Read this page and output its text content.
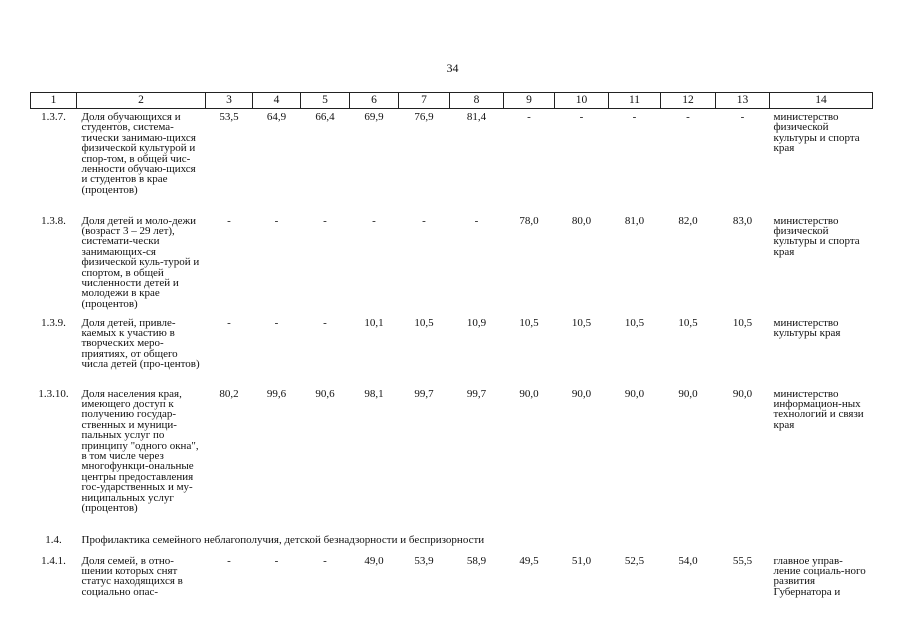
34
1	2	3	4	5	6	7	8	9	10	11	12	13	14
1.3.7.	Доля обучающихся и студентов, система-тически занимаю-щихся физической культурой и спор-том, в общей чис-ленности обучаю-щихся и студентов в крае (процентов)	53,5	64,9	66,4	69,9	76,9	81,4	-	-	-	-	-	министерство физической культуры и спорта края
1.3.8.	Доля детей и моло-дежи (возраст 3 – 29 лет), системати-чески занимающих-ся физической куль-турой и спортом, в общей численности детей и молодежи в крае (процентов)	-	-	-	-	-	-	78,0	80,0	81,0	82,0	83,0	министерство физической культуры и спорта края
1.3.9.	Доля детей, привле-каемых к участию в творческих меро-приятиях, от общего числа детей (про-центов)	-	-	-	10,1	10,5	10,9	10,5	10,5	10,5	10,5	10,5	министерство культуры края
1.3.10.	Доля населения края, имеющего доступ к получению государ-ственных и муници-пальных услуг по принципу "одного окна", в том числе через многофункци-ональные центры предоставления гос-ударственных и му-ниципальных услуг (процентов)	80,2	99,6	90,6	98,1	99,7	99,7	90,0	90,0	90,0	90,0	90,0	министерство информацион-ных технологий и связи края
1.4.	Профилактика семейного неблагополучия, детской безнадзорности и беспризорности												
1.4.1.	Доля семей, в отно-шении которых снят статус находящихся в социально опас-	-	-	-	49,0	53,9	58,9	49,5	51,0	52,5	54,0	55,5	главное управ-ление социаль-ного развития Губернатора и
